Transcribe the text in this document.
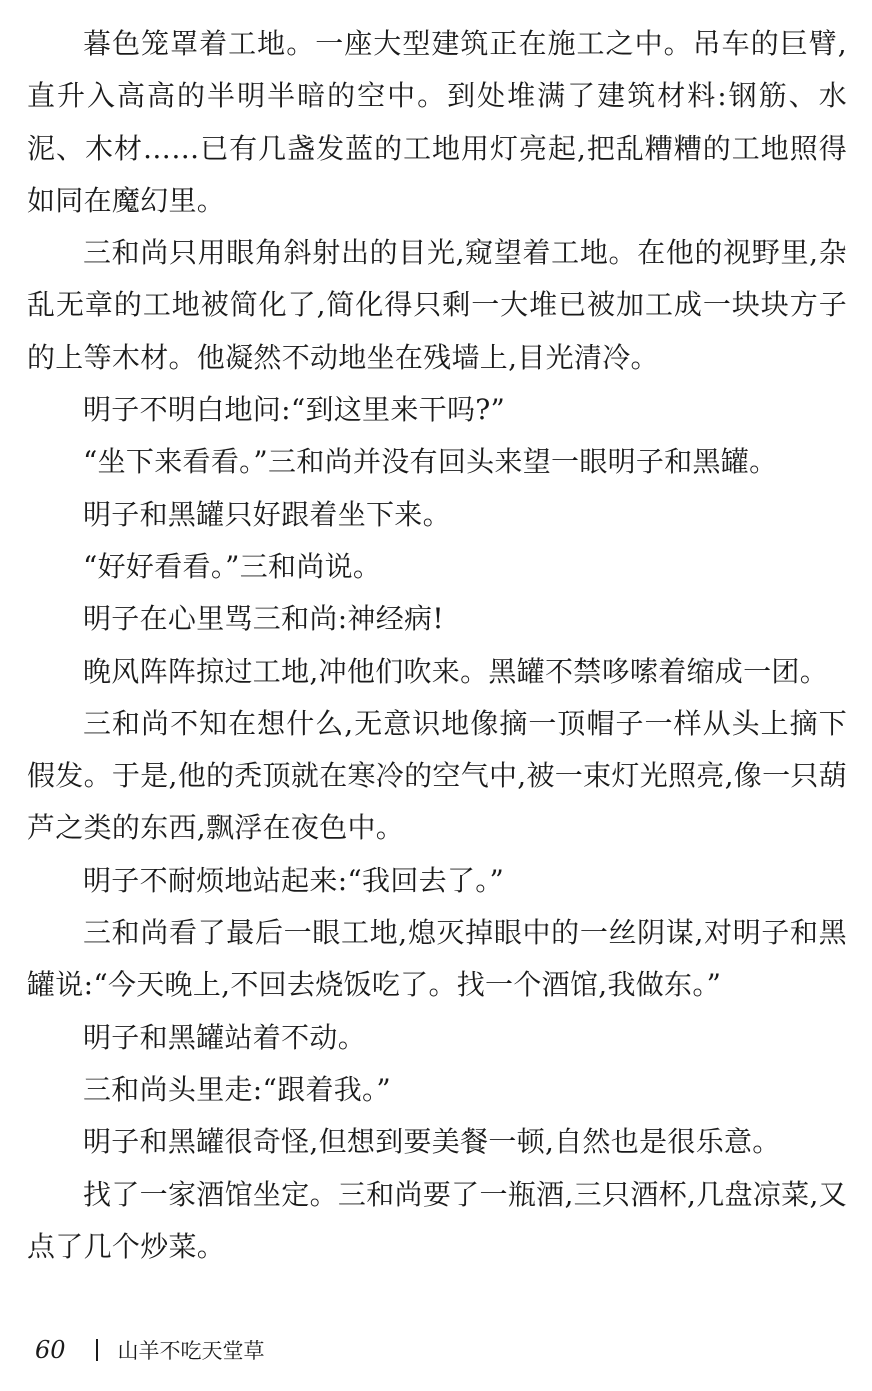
暮色笼罩着工地。一座大型建筑正在施工之中。吊车的巨臂,直升入高高的半明半暗的空中。到处堆满了建筑材料:钢筋、水泥、木材……已有几盏发蓝的工地用灯亮起,把乱糟糟的工地照得如同在魔幻里。

三和尚只用眼角斜射出的目光,窥望着工地。在他的视野里,杂乱无章的工地被简化了,简化得只剩一大堆已被加工成一块块方子的上等木材。他凝然不动地坐在残墙上,目光清冷。

明子不明白地问:“到这里来干吗?”

“坐下来看看。”三和尚并没有回头来望一眼明子和黑罐。

明子和黑罐只好跟着坐下来。

“好好看看。”三和尚说。

明子在心里骂三和尚:神经病!

晚风阵阵掠过工地,冲他们吹来。黑罐不禁哆嗦着缩成一团。

三和尚不知在想什么,无意识地像摘一顶帽子一样从头上摘下假发。于是,他的秃顶就在寒冷的空气中,被一束灯光照亮,像一只葫芦之类的东西,飘浮在夜色中。

明子不耐烦地站起来:“我回去了。”

三和尚看了最后一眼工地,熄灭掉眼中的一丝阴谋,对明子和黑罐说:“今天晚上,不回去烧饭吃了。找一个酒馆,我做东。”

明子和黑罐站着不动。

三和尚头里走:“跟着我。”

明子和黑罐很奇怪,但想到要美餐一顿,自然也是很乐意。

找了一家酒馆坐定。三和尚要了一瓶酒,三只酒杯,几盘凉菜,又点了几个炒菜。

60 山羊不吃天堂草
